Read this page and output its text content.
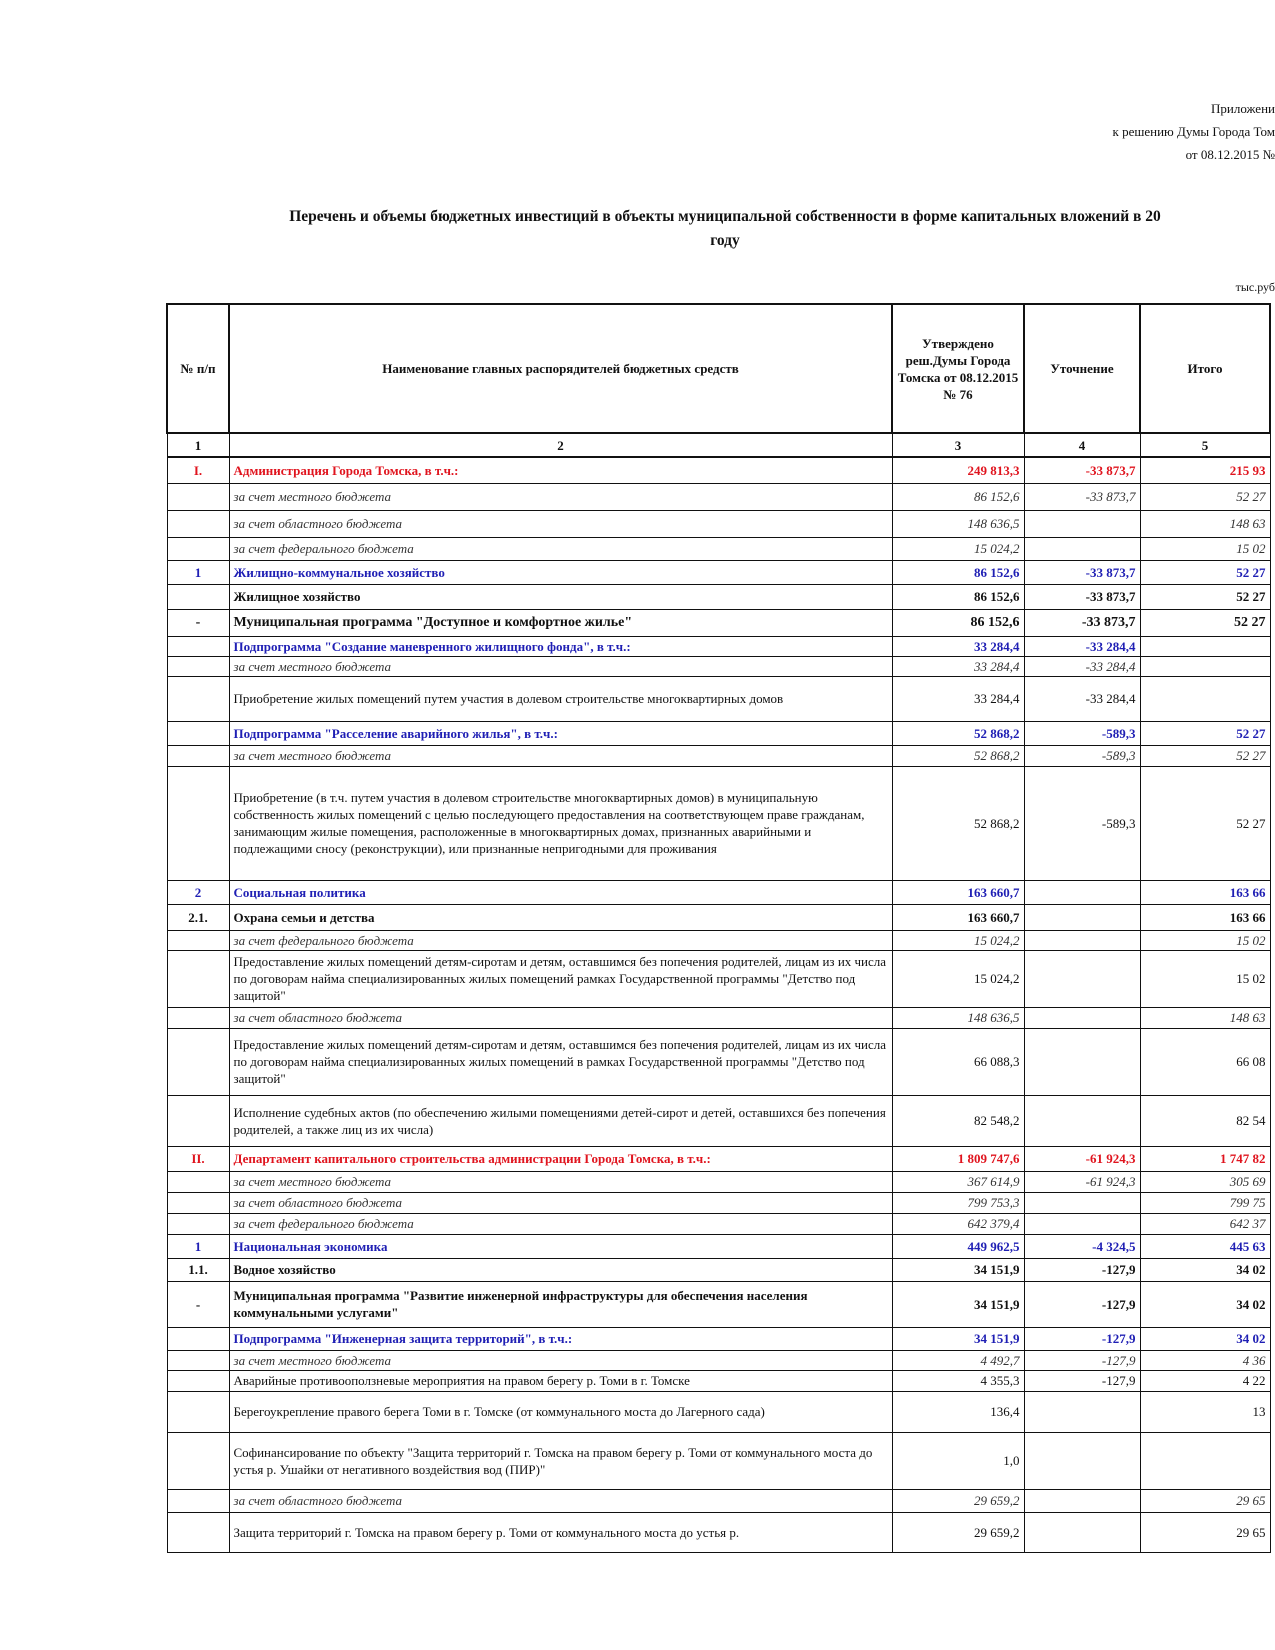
Приложени
к решению Думы Города Том
от 08.12.2015 №
Перечень и объемы бюджетных инвестиций в объекты муниципальной собственности в форме капитальных вложений в 20
году
тыс.руб
№ п/п	Наименование главных распорядителей бюджетных средств	Утверждено реш.Думы Города Томска от 08.12.2015 № 76	Уточнение	Итого
1	2	3	4	5
I.	Администрация Города Томска, в т.ч.:	249 813,3	-33 873,7	215 93
	за счет местного бюджета	86 152,6	-33 873,7	52 27
	за счет областного бюджета	148 636,5		148 63
	за счет федерального бюджета	15 024,2		15 02
1	Жилищно-коммунальное хозяйство	86 152,6	-33 873,7	52 27
	Жилищное хозяйство	86 152,6	-33 873,7	52 27
-	Муниципальная программа "Доступное и комфортное жилье"	86 152,6	-33 873,7	52 27
	Подпрограмма "Создание маневренного жилищного фонда", в т.ч.:	33 284,4	-33 284,4	
	за счет местного бюджета	33 284,4	-33 284,4	
	Приобретение жилых помещений путем участия в долевом строительстве многоквартирных домов	33 284,4	-33 284,4	
	Подпрограмма "Расселение аварийного жилья", в т.ч.:	52 868,2	-589,3	52 27
	за счет местного бюджета	52 868,2	-589,3	52 27
	Приобретение (в т.ч. путем участия в долевом строительстве многоквартирных домов) в муниципальную собственность жилых помещений с целью последующего предоставления на соответствующем праве гражданам, занимающим жилые помещения, расположенные в многоквартирных домах, признанных аварийными и подлежащими сносу (реконструкции), или признанные непригодными для проживания	52 868,2	-589,3	52 27
2	Социальная политика	163 660,7		163 66
2.1.	Охрана семьи и детства	163 660,7		163 66
	за счет федерального бюджета	15 024,2		15 02
	Предоставление жилых помещений детям-сиротам и детям, оставшимся без попечения родителей, лицам из их числа по договорам найма специализированных жилых помещений рамках Государственной программы "Детство под защитой"	15 024,2		15 02
	за счет областного бюджета	148 636,5		148 63
	Предоставление жилых помещений детям-сиротам и детям, оставшимся без попечения родителей, лицам из их числа по договорам найма специализированных жилых помещений в рамках Государственной программы "Детство под защитой"	66 088,3		66 08
	Исполнение судебных актов (по обеспечению жилыми помещениями детей-сирот и детей, оставшихся без попечения родителей, а также лиц из их числа)	82 548,2		82 54
II.	Департамент капитального строительства администрации Города Томска, в т.ч.:	1 809 747,6	-61 924,3	1 747 82
	за счет местного бюджета	367 614,9	-61 924,3	305 69
	за счет областного бюджета	799 753,3		799 75
	за счет федерального бюджета	642 379,4		642 37
1	Национальная экономика	449 962,5	-4 324,5	445 63
1.1.	Водное хозяйство	34 151,9	-127,9	34 02
-	Муниципальная программа "Развитие инженерной инфраструктуры для обеспечения населения коммунальными услугами"	34 151,9	-127,9	34 02
	Подпрограмма "Инженерная защита территорий", в т.ч.:	34 151,9	-127,9	34 02
	за счет местного бюджета	4 492,7	-127,9	4 36
	Аварийные противооползневые мероприятия на правом берегу р. Томи в г. Томске	4 355,3	-127,9	4 22
	Берегоукрепление правого берега Томи в г. Томске (от коммунального моста до Лагерного сада)	136,4		13
	Софинансирование по объекту "Защита территорий г. Томска на правом берегу р. Томи от коммунального моста до устья р. Ушайки от негативного воздействия вод (ПИР)"	1,0		
	за счет областного бюджета	29 659,2		29 65
	Защита территорий г. Томска на правом берегу р. Томи от коммунального моста до устья р.	29 659,2		29 65
